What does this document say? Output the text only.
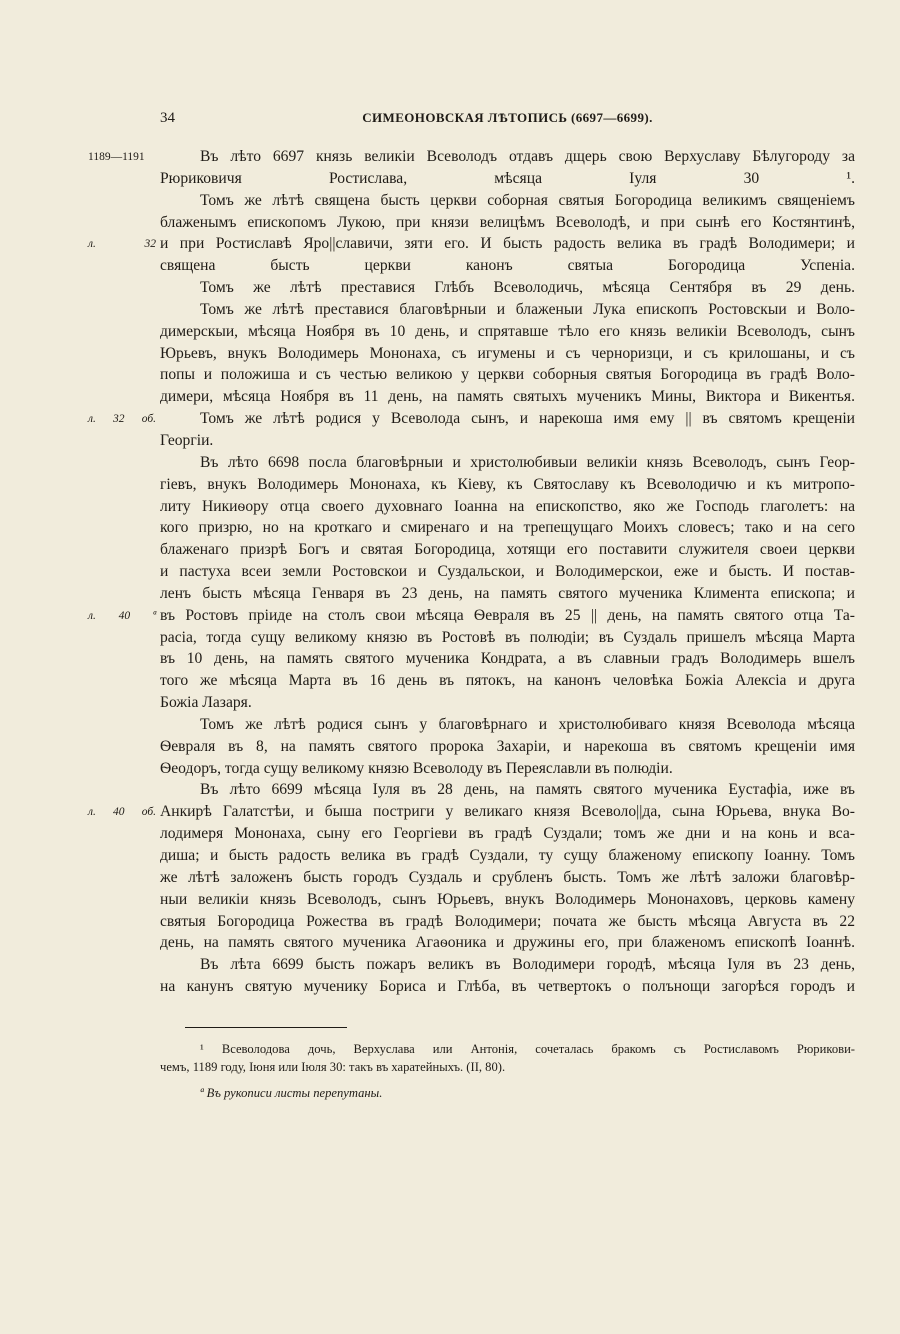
34	СИМЕОНОВСКАЯ ЛѢТОПИСЬ (6697—6699).
Въ лѣто 6697 князь великіи Всеволодъ отдавъ дщерь свою Верхуславу Бѣлугороду за
1189—1191
Рюриковичя Ростислава, мѣсяца Іуля 30 ¹.
Томъ же лѣтѣ священа бысть церкви соборная святыя Богородица великимъ священіемъ
блаженымъ епископомъ Лукою, при князи велицѣмъ Всеволодѣ, и при сынѣ его Костянтинѣ,
и при Ростиславѣ Яро||славичи, зяти его. И бысть радость велика въ градѣ Володимери; и
л. 32
священа бысть церкви канонъ святыа Богородица Успеніа.
Томъ же лѣтѣ преставися Глѣбъ Всеволодичь, мѣсяца Сентября въ 29 день.
Томъ же лѣтѣ преставися благовѣрныи и блаженыи Лука епископъ Ростовскыи и Воло-
димерскыи, мѣсяца Ноября въ 10 день, и спрятавше тѣло его князь великіи Всеволодъ, сынъ
Юрьевъ, внукъ Володимерь Мононаха, съ игумены и съ черноризци, и съ крилошаны, и съ
попы и положиша и съ честью великою у церкви соборныя святыя Богородица въ градѣ Воло-
димери, мѣсяца Ноября въ 11 день, на память святыхъ мученикъ Мины, Виктора и Викентья.
Томъ же лѣтѣ родися у Всеволода сынъ, и нарекоша имя ему || въ святомъ крещеніи
л. 32 об.
Георгіи.
Въ лѣто 6698 посла благовѣрныи и христолюбивыи великіи князь Всеволодъ, сынъ Геор-
гіевъ, внукъ Володимерь Мононаха, къ Кіеву, къ Святославу къ Всеволодичю и къ митропо-
литу Никиѳору отца своего духовнаго Іоанна на епископство, яко же Господь глаголетъ: на
кого призрю, но на кроткаго и смиренаго и на трепещущаго Моихъ словесъ; тако и на сего
блаженаго призрѣ Богъ и святая Богородица, хотящи его поставити служителя своеи церкви
и пастуха всеи земли Ростовскои и Суздальскои, и Володимерскои, еже и бысть. И постав-
ленъ бысть мѣсяца Генваря въ 23 день, на память святого мученика Климента епископа; и
въ Ростовъ пріиде на столъ свои мѣсяца Ѳевраля въ 25 || день, на память святого отца Та-
л. 40 ª
расіа, тогда сущу великому князю въ Ростовѣ въ полюдіи; въ Суздаль пришелъ мѣсяца Марта
въ 10 день, на память святого мученика Кондрата, а въ славныи градъ Володимерь вшелъ
того же мѣсяца Марта въ 16 день въ пятокъ, на канонъ человѣка Божіа Алексіа и друга
Божіа Лазаря.
Томъ же лѣтѣ родися сынъ у благовѣрнаго и христолюбиваго князя Всеволода мѣсяца
Ѳевраля въ 8, на память святого пророка Захаріи, и нарекоша въ святомъ крещеніи имя
Ѳеодоръ, тогда сущу великому князю Всеволоду въ Переяславли въ полюдіи.
Въ лѣто 6699 мѣсяца Іуля въ 28 день, на память святого мученика Еустафіа, иже въ
Анкирѣ Галатстѣи, и быша постриги у великаго князя Всеволо||да, сына Юрьева, внука Во-
л. 40 об.
лодимеря Мононаха, сыну его Георгіеви въ градѣ Суздали; томъ же дни и на конь и вса-
диша; и бысть радость велика въ градѣ Суздали, ту сущу блаженому епископу Іоанну. Томъ
же лѣтѣ заложенъ бысть городъ Суздаль и срубленъ бысть. Томъ же лѣтѣ заложи благовѣр-
ныи великіи князь Всеволодъ, сынъ Юрьевъ, внукъ Володимерь Мононаховъ, церковь камену
святыя Богородица Рожества въ градѣ Володимери; почата же бысть мѣсяца Августа въ 22
день, на память святого мученика Агаѳоника и дружины его, при блаженомъ епископѣ Іоаннѣ.
Въ лѣта 6699 бысть пожаръ великъ въ Володимери городѣ, мѣсяца Іуля въ 23 день,
на канунъ святую мученику Бориса и Глѣба, въ четвертокъ о полънощи загорѣся городъ и
¹ Всеволодова дочь, Верхуслава или Антонія, сочеталась бракомъ съ Ростиславомъ Рюрикови-
чемъ, 1189 году, Іюня или Іюля 30: такъ въ харатейныхъ. (II, 80).
ª Въ рукописи листы перепутаны.
